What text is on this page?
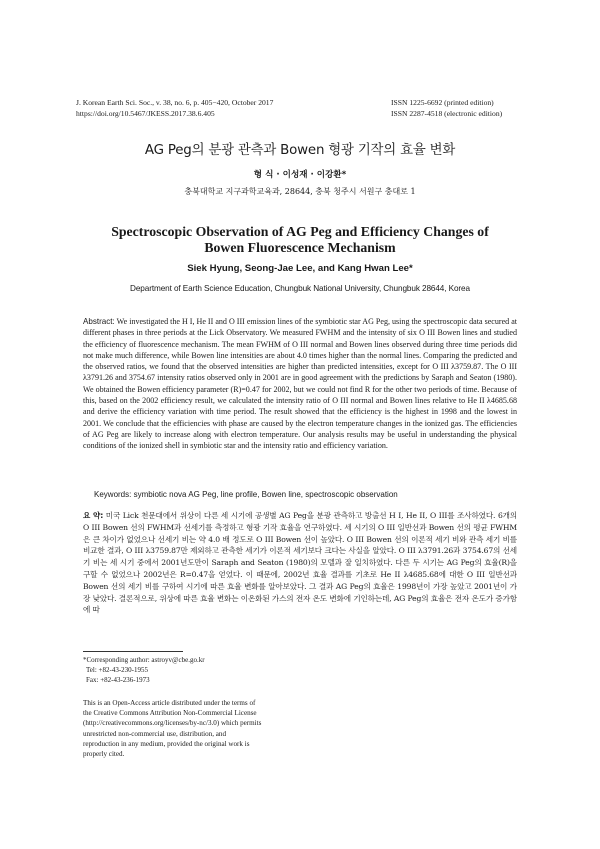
J. Korean Earth Sci. Soc., v. 38, no. 6, p. 405−420, October 2017
https://doi.org/10.5467/JKESS.2017.38.6.405
ISSN 1225-6692 (printed edition)
ISSN 2287-4518 (electronic edition)
AG Peg의 분광 관측과 Bowen 형광 기작의 효율 변화
형 식 · 이성재 · 이강환*
충북대학교 지구과학교육과, 28644, 충북 청주시 서원구 충대로 1
Spectroscopic Observation of AG Peg and Efficiency Changes of
Bowen Fluorescence Mechanism
Siek Hyung, Seong-Jae Lee, and Kang Hwan Lee*
Department of Earth Science Education, Chungbuk National University, Chungbuk 28644, Korea
Abstract: We investigated the H I, He II and O III emission lines of the symbiotic star AG Peg, using the spectroscopic data secured at different phases in three periods at the Lick Observatory. We measured FWHM and the intensity of six O III Bowen lines and studied the efficiency of fluorescence mechanism. The mean FWHM of O III normal and Bowen lines observed during three time periods did not make much difference, while Bowen line intensities are about 4.0 times higher than the normal lines. Comparing the predicted and the observed ratios, we found that the observed intensities are higher than predicted intensities, except for O III λ3759.87. The O III λ3791.26 and 3754.67 intensity ratios observed only in 2001 are in good agreement with the predictions by Saraph and Seaton (1980). We obtained the Bowen efficiency parameter (R)=0.47 for 2002, but we could not find R for the other two periods of time. Because of this, based on the 2002 efficiency result, we calculated the intensity ratio of O III normal and Bowen lines relative to He II λ4685.68 and derive the efficiency variation with time period. The result showed that the efficiency is the highest in 1998 and the lowest in 2001. We conclude that the efficiencies with phase are caused by the electron temperature changes in the ionized gas. The efficiencies of AG Peg are likely to increase along with electron temperature. Our analysis results may be useful in understanding the physical conditions of the ionized shell in symbiotic star and the intensity ratio and efficiency variation.
Keywords: symbiotic nova AG Peg, line profile, Bowen line, spectroscopic observation
요 약: 미국 Lick 천문대에서 위상이 다른 세 시기에 공생별 AG Peg을 분광 관측하고 방출선 H I, He II, O III를 조사하였다. 6개의 O III Bowen 선의 FWHM과 선세기를 측정하고 형광 기작 효율을 연구하였다. 세 시기의 O III 일반선과 Bowen 선의 평균 FWHM은 큰 차이가 없었으나 선세기 비는 약 4.0 배 정도로 O III Bowen 선이 높았다. O III Bowen 선의 이론적 세기 비와 관측 세기 비를 비교한 결과, O III λ3759.87만 제외하고 관측한 세기가 이론적 세기보다 크다는 사실을 알았다. O III λ3791.26과 3754.67의 선세기 비는 세 시기 중에서 2001년도만이 Saraph and Seaton (1980)의 모델과 잘 일치하였다. 다른 두 시기는 AG Peg의 효율(R)을 구할 수 없었으나 2002년은 R=0.47을 얻었다. 이 때문에, 2002년 효율 결과를 기초로 He II λ4685.68에 대한 O III 일반선과 Bowen 선의 세기 비를 구하여 시기에 따른 효율 변화를 알아보았다. 그 결과 AG Peg의 효율은 1998년이 가장 높았고 2001년이 가장 낮았다. 결론적으로, 위상에 따른 효율 변화는 이온화된 가스의 전자 온도 변화에 기인하는데, AG Peg의 효율은 전자 온도가 증가함에 따
*Corresponding author: astroyv@cbe.go.kr
Tel: +82-43-230-1955
Fax: +82-43-236-1973
This is an Open-Access article distributed under the terms of the Creative Commons Attribution Non-Commercial License (http://creativecommons.org/licenses/by-nc/3.0) which permits unrestricted non-commercial use, distribution, and reproduction in any medium, provided the original work is properly cited.
